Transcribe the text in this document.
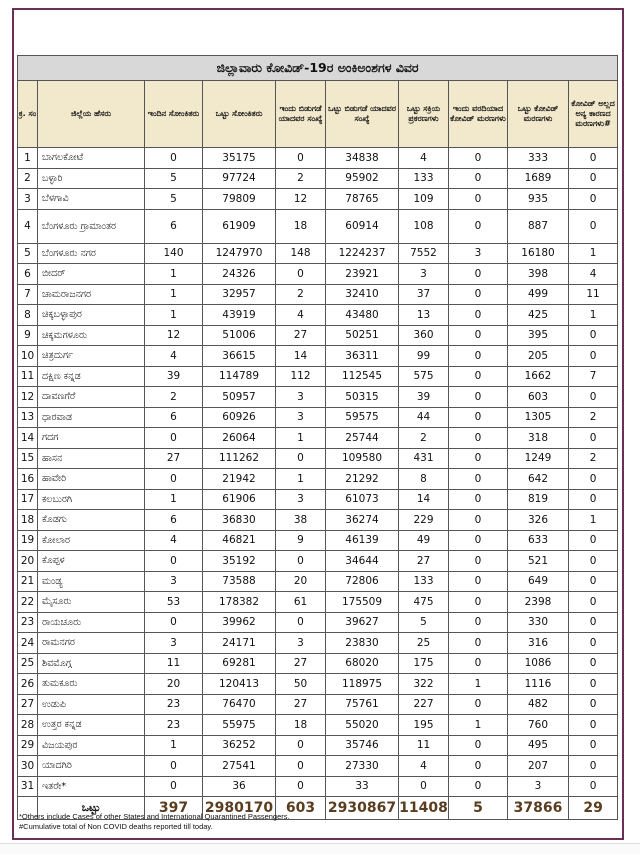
ಜಿಲ್ಲಾವಾರು ಕೋವಿಡ್-19ರ ಅಂಕಿಅಂಶಗಳ ವಿವರ									
ಕ್ರ. ಸಂ	ಜಿಲ್ಲೆಯ ಹೆಸರು	ಇಂದಿನ ಸೋಂಕಿತರು	ಒಟ್ಟು ಸೋಂಕಿತರು	ಇಂದು ಬಿಡುಗಡೆ ಯಾದವರ ಸಂಖ್ಯೆ	ಒಟ್ಟು ಬಿಡುಗಡೆ ಯಾದವರ ಸಂಖ್ಯೆ	ಒಟ್ಟು ಸಕ್ರಿಯ ಪ್ರಕರಣಗಳು	ಇಂದು ವರದಿಯಾದ ಕೋವಿಡ್ ಮರಣಗಳು	ಒಟ್ಟು ಕೋವಿಡ್ ಮರಣಗಳು	ಕೋವಿಡ್ ಅಲ್ಲದ ಅನ್ಯ ಕಾರಣದ ಮರಣಗಳು#
1	ಬಾಗಲಕೋಟೆ	0	35175	0	34838	4	0	333	0
2	ಬಳ್ಳಾರಿ	5	97724	2	95902	133	0	1689	0
3	ಬೆಳಗಾವಿ	5	79809	12	78765	109	0	935	0
4	ಬೆಂಗಳೂರು ಗ್ರಾಮಾಂತರ	6	61909	18	60914	108	0	887	0
5	ಬೆಂಗಳೂರು ನಗರ	140	1247970	148	1224237	7552	3	16180	1
6	ಬೀದರ್	1	24326	0	23921	3	0	398	4
7	ಚಾಮರಾಜನಗರ	1	32957	2	32410	37	0	499	11
8	ಚಿಕ್ಕಬಳ್ಳಾಪುರ	1	43919	4	43480	13	0	425	1
9	ಚಿಕ್ಕಮಗಳೂರು	12	51006	27	50251	360	0	395	0
10	ಚಿತ್ರದುರ್ಗ	4	36615	14	36311	99	0	205	0
11	ದಕ್ಷಿಣ ಕನ್ನಡ	39	114789	112	112545	575	0	1662	7
12	ದಾವಣಗೆರೆ	2	50957	3	50315	39	0	603	0
13	ಧಾರವಾಡ	6	60926	3	59575	44	0	1305	2
14	ಗದಗ	0	26064	1	25744	2	0	318	0
15	ಹಾಸನ	27	111262	0	109580	431	0	1249	2
16	ಹಾವೇರಿ	0	21942	1	21292	8	0	642	0
17	ಕಲಬುರಗಿ	1	61906	3	61073	14	0	819	0
18	ಕೊಡಗು	6	36830	38	36274	229	0	326	1
19	ಕೋಲಾರ	4	46821	9	46139	49	0	633	0
20	ಕೊಪ್ಪಳ	0	35192	0	34644	27	0	521	0
21	ಮಂಡ್ಯ	3	73588	20	72806	133	0	649	0
22	ಮೈಸೂರು	53	178382	61	175509	475	0	2398	0
23	ರಾಯಚೂರು	0	39962	0	39627	5	0	330	0
24	ರಾಮನಗರ	3	24171	3	23830	25	0	316	0
25	ಶಿವಮೊಗ್ಗ	11	69281	27	68020	175	0	1086	0
26	ತುಮಕೂರು	20	120413	50	118975	322	1	1116	0
27	ಉಡುಪಿ	23	76470	27	75761	227	0	482	0
28	ಉತ್ತರ ಕನ್ನಡ	23	55975	18	55020	195	1	760	0
29	ವಿಜಯಪುರ	1	36252	0	35746	11	0	495	0
30	ಯಾದಗಿರಿ	0	27541	0	27330	4	0	207	0
31	ಇತರೇ*	0	36	0	33	0	0	3	0
	ಒಟ್ಟು	397	2980170	603	2930867	11408	5	37866	29
*Others include Cases of other States and International Quarantined Passengers.
#Cumulative total of Non COVID deaths reported till today.
